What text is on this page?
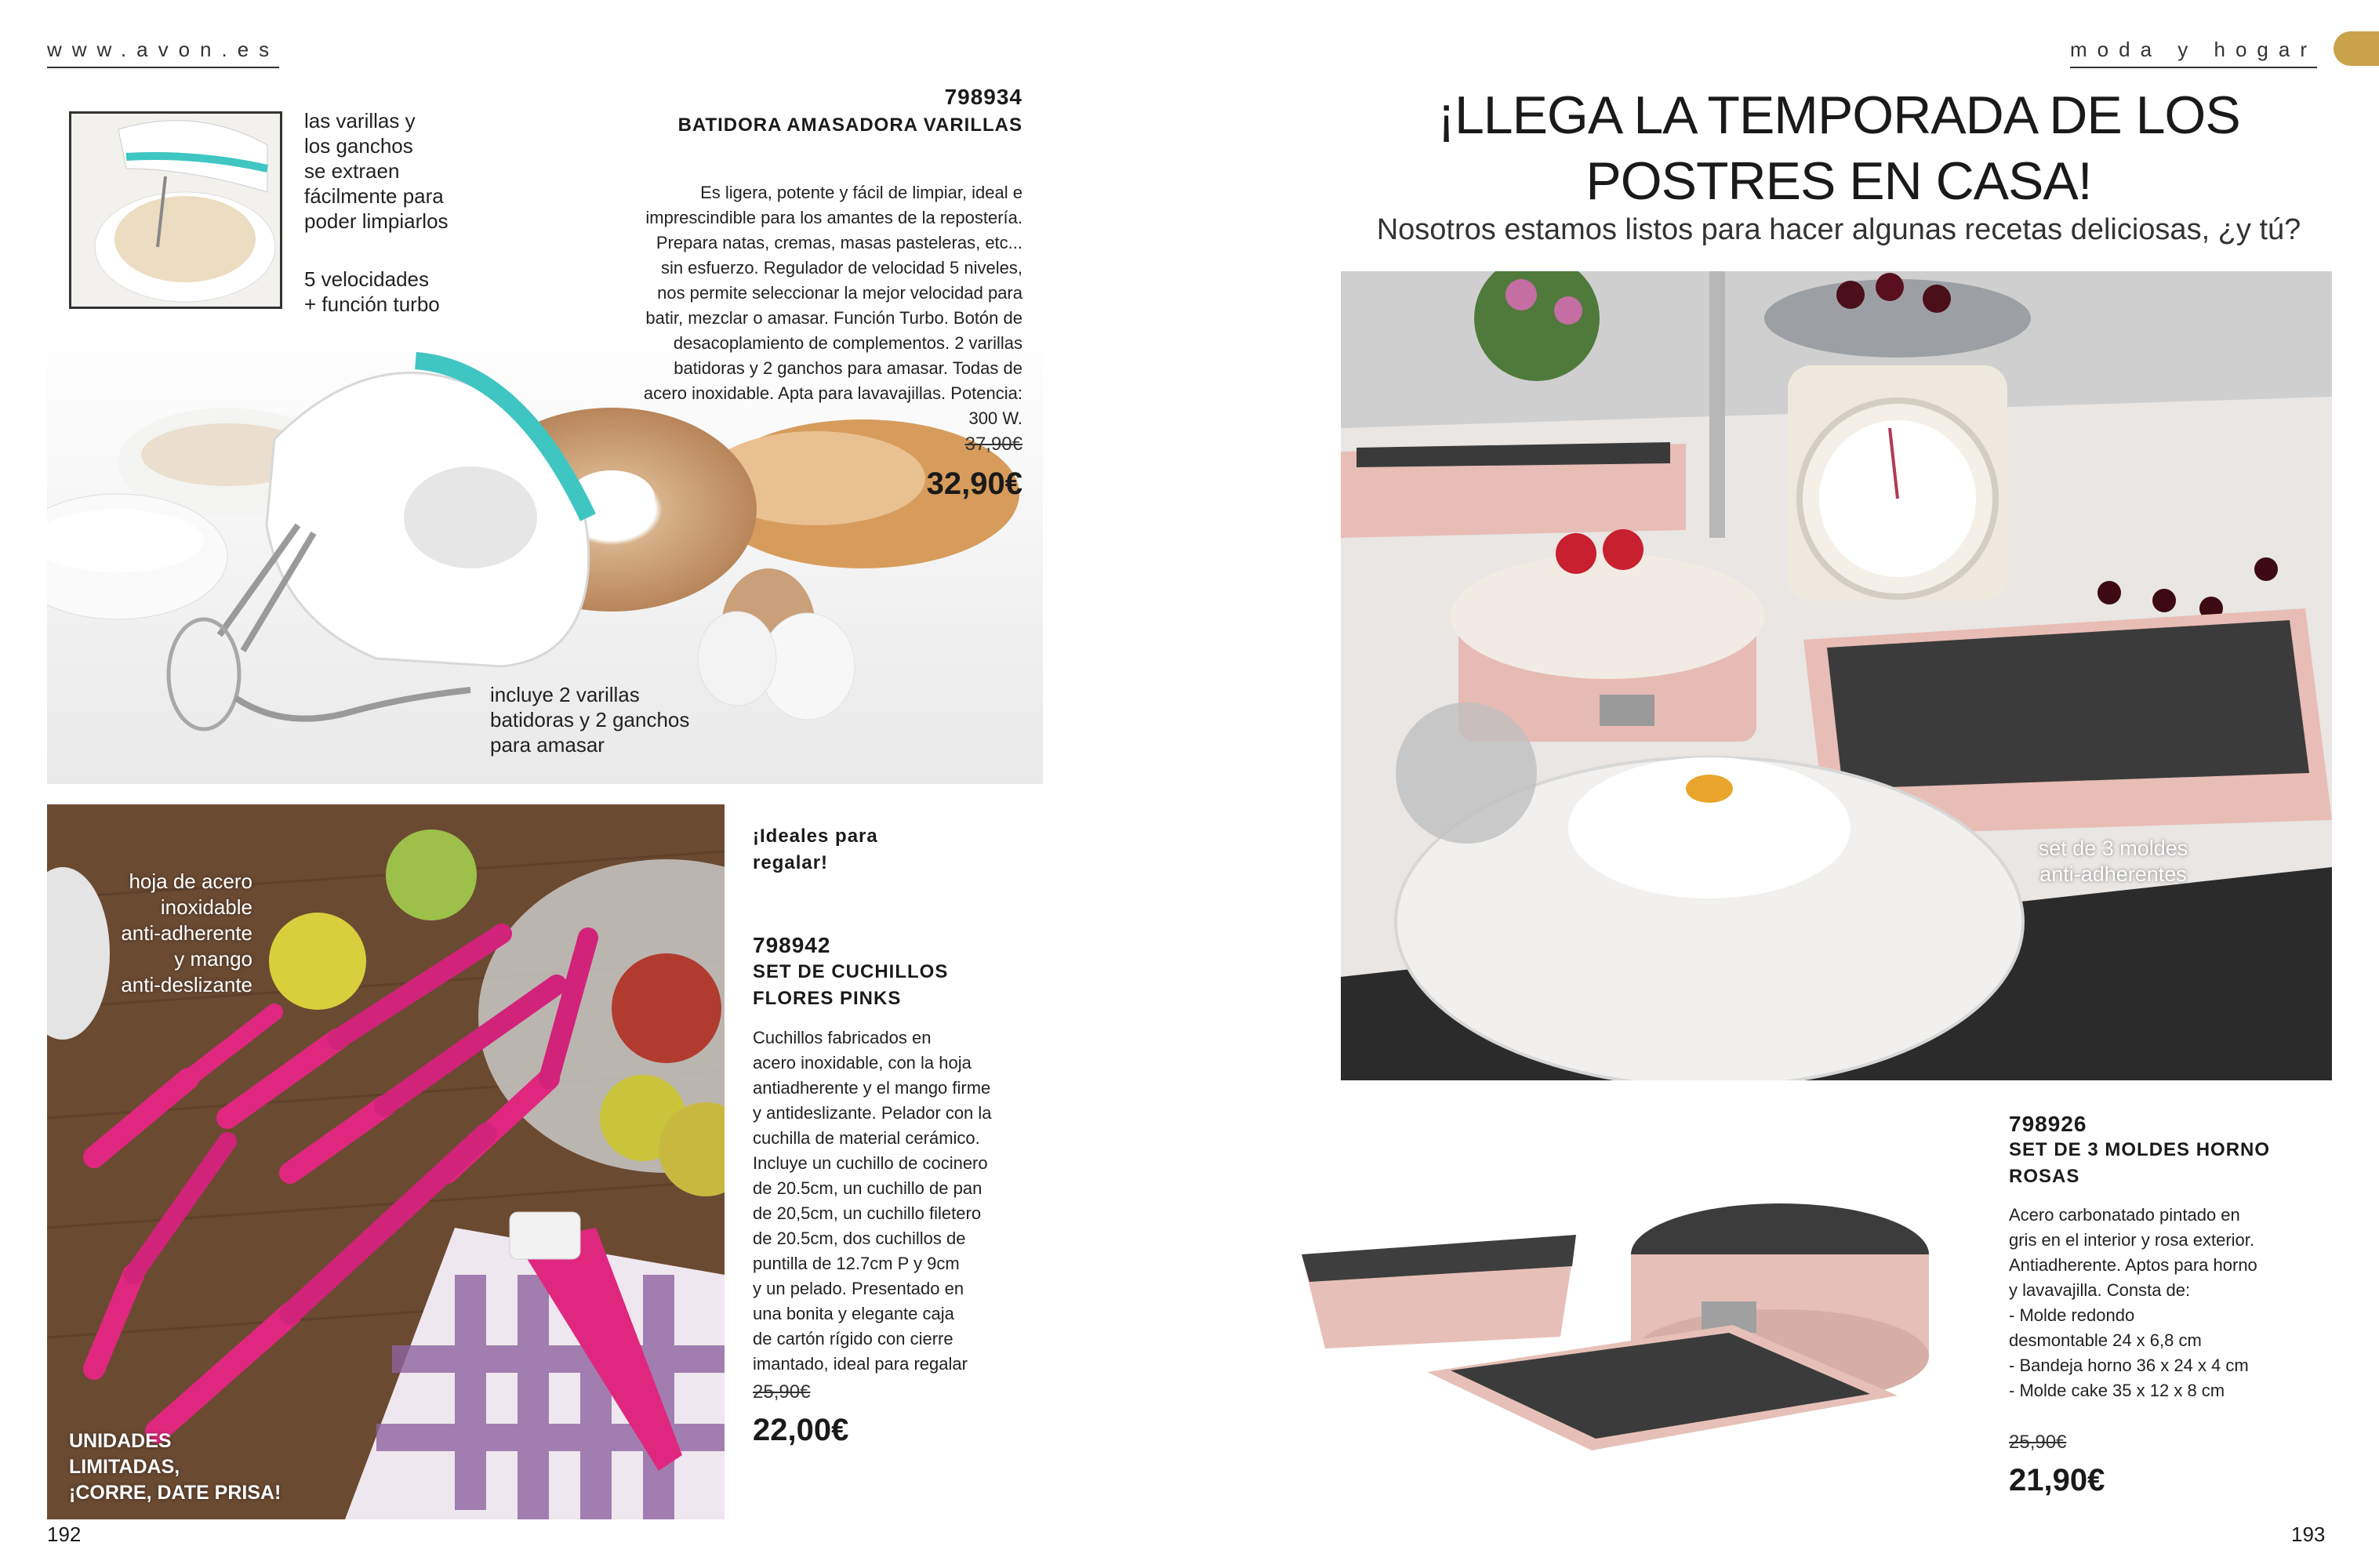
www.avon.es
las varillas y
los ganchos
se extraen
fácilmente para
poder limpiarlos
5 velocidades
+ función turbo
incluye 2 varillas
batidoras y 2 ganchos
para amasar
798934
BATIDORA AMASADORA VARILLAS
Es ligera, potente y fácil de limpiar, ideal e
imprescindible para los amantes de la repostería.
Prepara natas, cremas, masas pasteleras, etc...
sin esfuerzo. Regulador de velocidad 5 niveles,
nos permite seleccionar la mejor velocidad para
batir, mezclar o amasar. Función Turbo. Botón de
desacoplamiento de complementos. 2 varillas
batidoras y 2 ganchos para amasar. Todas de
acero inoxidable. Apta para lavavajillas. Potencia:
300 W.
37,90€
32,90€
hoja de acero
inoxidable
anti-adherente
y mango
anti-deslizante
UNIDADES
LIMITADAS,
¡CORRE, DATE PRISA!
¡Ideales para
regalar!
798942
SET DE CUCHILLOS
FLORES PINKS
Cuchillos fabricados en
acero inoxidable, con la hoja
antiadherente y el mango firme
y antideslizante. Pelador con la
cuchilla de material cerámico.
Incluye un cuchillo de cocinero
de 20.5cm, un cuchillo de pan
de 20,5cm, un cuchillo filetero
de 20.5cm, dos cuchillos de
puntilla de 12.7cm P y 9cm
y un pelado. Presentado en
una bonita y elegante caja
de cartón rígido con cierre
imantado, ideal para regalar
25,90€
22,00€
192
moda y hogar
¡LLEGA LA TEMPORADA DE LOS
POSTRES EN CASA!
Nosotros estamos listos para hacer algunas recetas deliciosas, ¿y tú?
set de 3 moldes
anti-adherentes
798926
SET DE 3 MOLDES HORNO
ROSAS
Acero carbonatado pintado en
gris en el interior y rosa exterior.
Antiadherente. Aptos para horno
y lavavajilla. Consta de:
- Molde redondo
desmontable 24 x 6,8 cm
- Bandeja horno 36 x 24 x 4 cm
- Molde cake 35 x 12 x 8 cm
25,90€
21,90€
193
